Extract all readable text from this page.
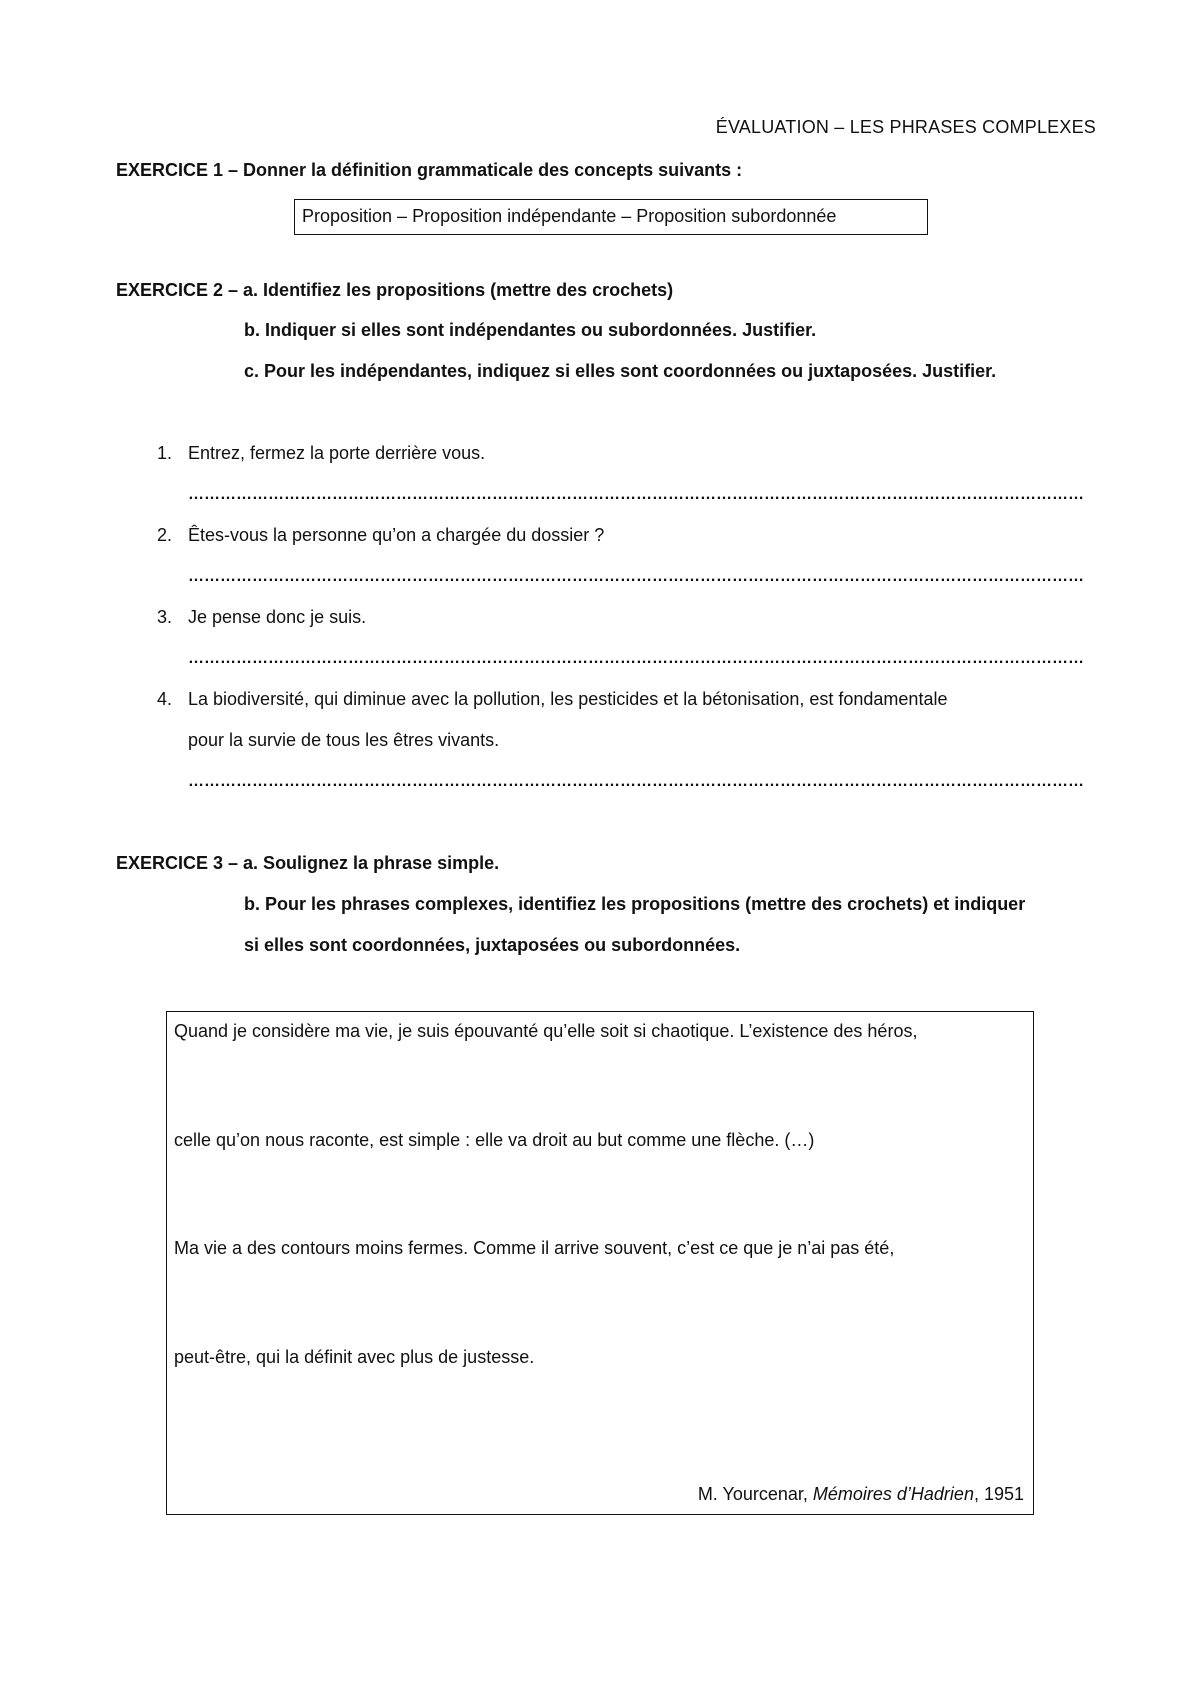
ÉVALUATION – LES PHRASES COMPLEXES
EXERCICE 1 – Donner la définition grammaticale des concepts suivants :
Proposition – Proposition indépendante – Proposition subordonnée
EXERCICE 2 – a. Identifiez les propositions (mettre des crochets)
b. Indiquer si elles sont indépendantes ou subordonnées. Justifier.
c. Pour les indépendantes, indiquez si elles sont coordonnées ou juxtaposées. Justifier.
1. Entrez, fermez la porte derrière vous.
……………………………………………………………………………………………………………………………………………………
2. Êtes-vous la personne qu’on a chargée du dossier ?
……………………………………………………………………………………………………………………………………………………
3. Je pense donc je suis.
……………………………………………………………………………………………………………………………………………………
4. La biodiversité, qui diminue avec la pollution, les pesticides et la bétonisation, est fondamentale
pour la survie de tous les êtres vivants.
……………………………………………………………………………………………………………………………………………………
EXERCICE 3 – a. Soulignez la phrase simple.
b. Pour les phrases complexes, identifiez les propositions (mettre des crochets) et indiquer
si elles sont coordonnées, juxtaposées ou subordonnées.
Quand je considère ma vie, je suis épouvanté qu’elle soit si chaotique. L’existence des héros,
celle qu’on nous raconte, est simple : elle va droit au but comme une flèche. (…)
Ma vie a des contours moins fermes. Comme il arrive souvent, c’est ce que je n’ai pas été,
peut-être, qui la définit avec plus de justesse.
M. Yourcenar, Mémoires d’Hadrien, 1951
